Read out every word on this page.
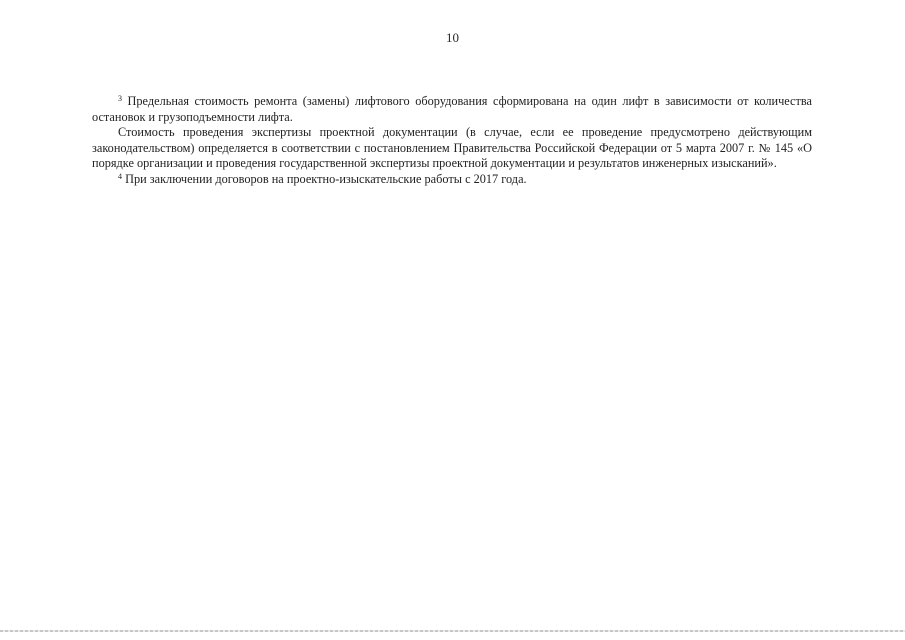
10

$^3$ Предельная стоимость ремонта (замены) лифтового оборудования сформирована на один лифт в зависимости от количества остановок и грузоподъемности лифта.

Стоимость проведения экспертизы проектной документации (в случае, если ее проведение предусмотрено действующим законодательством) определяется в соответствии с постановлением Правительства Российской Федерации от 5 марта 2007 г. № 145 «О порядке организации и проведения государственной экспертизы проектной документации и результатов инженерных изысканий».

$^4$ При заключении договоров на проектно-изыскательские работы с 2017 года.
